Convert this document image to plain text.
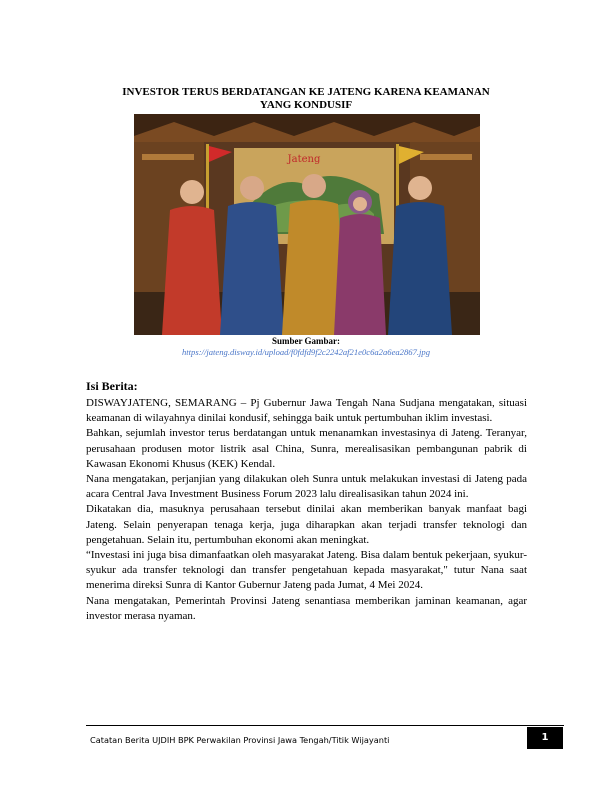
INVESTOR TERUS BERDATANGAN KE JATENG KARENA KEAMANAN
YANG KONDUSIF
Jateng
Sumber Gambar:
https://jateng.disway.id/upload/f0fdfd9f2c2242af21e0c6a2a6ea2867.jpg
Isi Berita:

DISWAYJATENG, SEMARANG – Pj Gubernur Jawa Tengah Nana Sudjana mengatakan, situasi keamanan di wilayahnya dinilai kondusif, sehingga baik untuk pertumbuhan iklim investasi.

Bahkan, sejumlah investor terus berdatangan untuk menanamkan investasinya di Jateng. Teranyar, perusahaan produsen motor listrik asal China, Sunra, merealisasikan pembangunan pabrik di Kawasan Ekonomi Khusus (KEK) Kendal.

Nana mengatakan, perjanjian yang dilakukan oleh Sunra untuk melakukan investasi di Jateng pada acara Central Java Investment Business Forum 2023 lalu direalisasikan tahun 2024 ini.

Dikatakan dia, masuknya perusahaan tersebut dinilai akan memberikan banyak manfaat bagi Jateng. Selain penyerapan tenaga kerja, juga diharapkan akan terjadi transfer teknologi dan pengetahuan. Selain itu, pertumbuhan ekonomi akan meningkat.

“Investasi ini juga bisa dimanfaatkan oleh masyarakat Jateng. Bisa dalam bentuk pekerjaan, syukur-syukur ada transfer teknologi dan transfer pengetahuan kepada masyarakat," tutur Nana saat menerima direksi Sunra di Kantor Gubernur Jateng pada Jumat, 4 Mei 2024.

Nana mengatakan, Pemerintah Provinsi Jateng senantiasa memberikan jaminan keamanan, agar investor merasa nyaman.

Catatan Berita UJDIH BPK Perwakilan Provinsi Jawa Tengah/Titik Wijayanti	1
